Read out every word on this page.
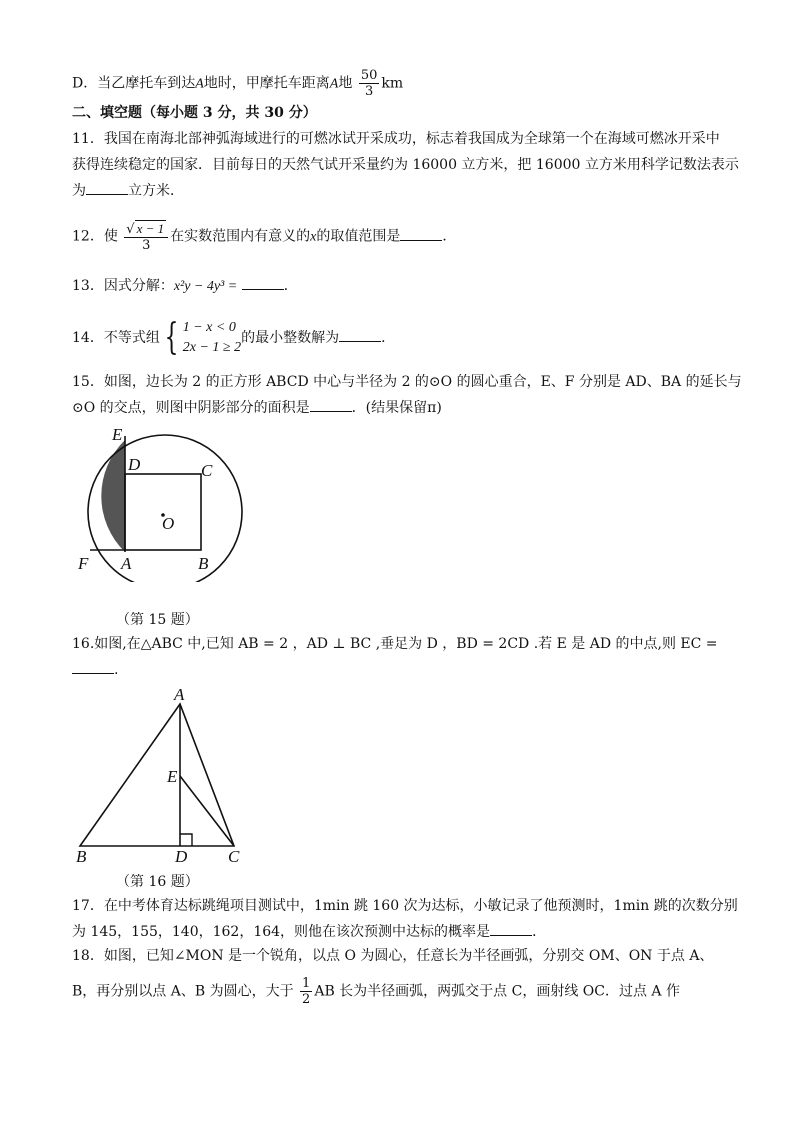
D．当乙摩托车到达A地时，甲摩托车距离A地 $\frac{50}{3}$ km
二、填空题（每小题 3 分，共 30 分）
11．我国在南海北部神弧海域进行的可燃冰试开采成功，标志着我国成为全球第一个在海域可燃冰开采中
获得连续稳定的国家．目前每日的天然气试开采量约为 16000 立方米，把 16000 立方米用科学记数法表示
为	立方米．
12．使 $\frac{√ x - 1}{3}$ 在实数范围内有意义的x的取值范围是	．
13．因式分解：x²y − 4y³ =	．
14．不等式组 { 1 − x < 0
2x − 1 ≥ 2
的最小整数解为	．
15．如图，边长为 2 的正方形 ABCD 中心与半径为 2 的⊙O 的圆心重合，E、F 分别是 AD、BA 的延长与
⊙O 的交点，则图中阴影部分的面积是	．(结果保留π)
E
D	C
O
F A	B
（第 15 题）
16.如图,在△ABC 中,已知 AB = 2 ，AD ⊥ BC ,垂足为 D ，BD = 2CD .若 E 是 AD 的中点,则 EC =
.
A
E
B	D C
（第 16 题）
17．在中考体育达标跳绳项目测试中，1min 跳 160 次为达标，小敏记录了他预测时，1min 跳的次数分别
为 145，155，140，162，164，则他在该次预测中达标的概率是	．
18．如图，已知∠MON 是一个锐角，以点 O 为圆心，任意长为半径画弧，分别交 OM、ON 于点 A、
B，再分别以点 A、B 为圆心，大于 $\frac{1}{2}$ AB 长为半径画弧，两弧交于点 C，画射线 OC．过点 A 作
